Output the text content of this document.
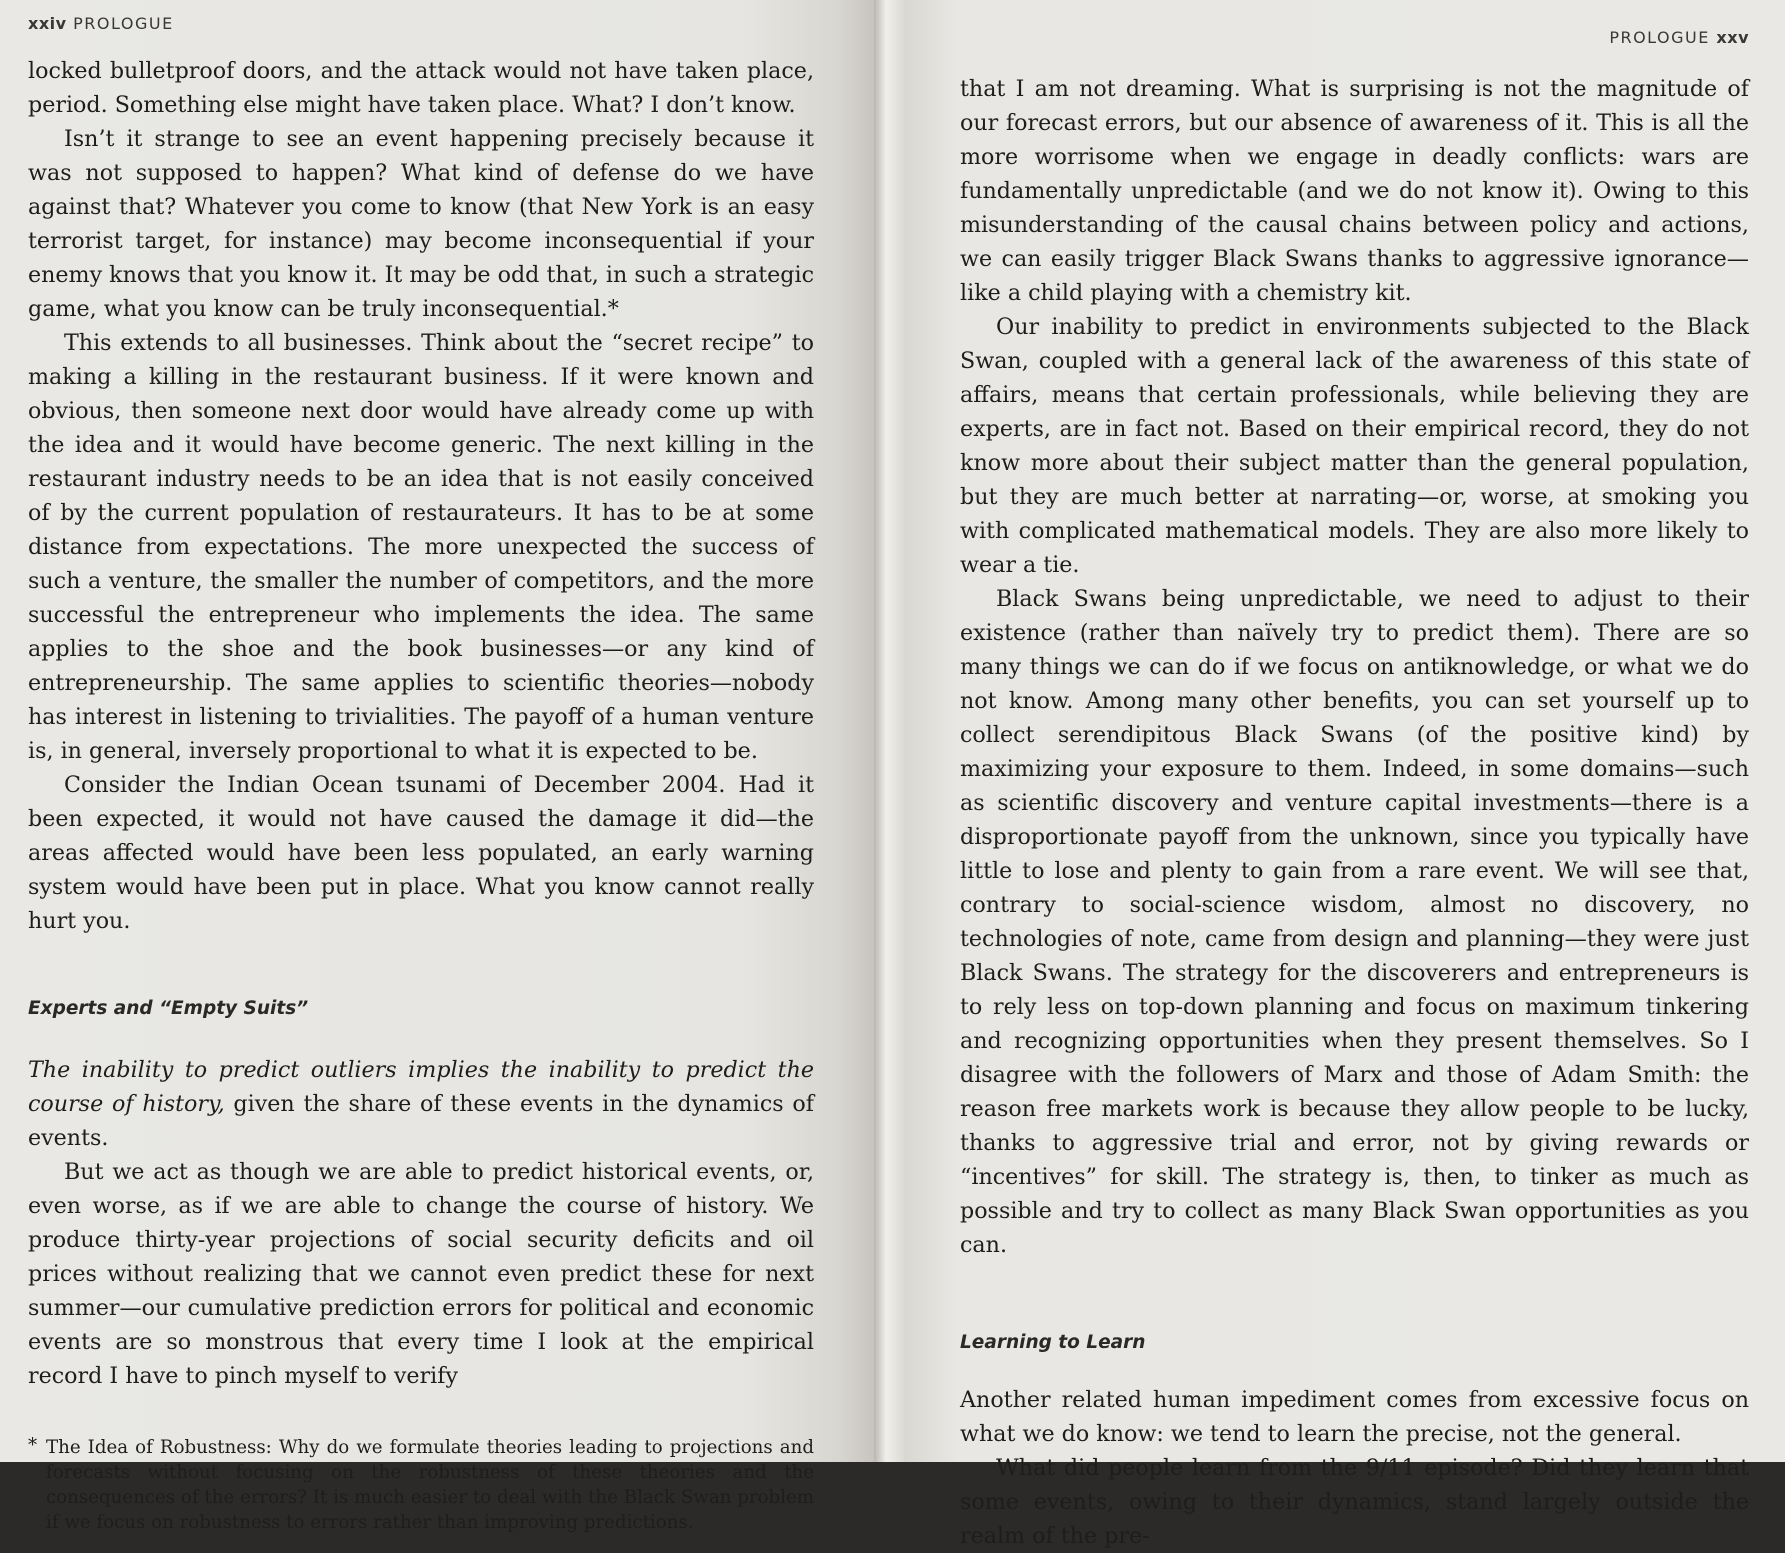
xxiv PROLOGUE

locked bulletproof doors, and the attack would not have taken place, period. Something else might have taken place. What? I don’t know.

Isn’t it strange to see an event happening precisely because it was not supposed to happen? What kind of defense do we have against that? Whatever you come to know (that New York is an easy terrorist target, for instance) may become inconsequential if your enemy knows that you know it. It may be odd that, in such a strategic game, what you know can be truly inconsequential.*

This extends to all businesses. Think about the “secret recipe” to making a killing in the restaurant business. If it were known and obvious, then someone next door would have already come up with the idea and it would have become generic. The next killing in the restaurant industry needs to be an idea that is not easily conceived of by the current population of restaurateurs. It has to be at some distance from expectations. The more unexpected the success of such a venture, the smaller the number of competitors, and the more successful the entrepreneur who implements the idea. The same applies to the shoe and the book businesses—or any kind of entrepreneurship. The same applies to scientific theories—nobody has interest in listening to trivialities. The payoff of a human venture is, in general, inversely proportional to what it is expected to be.

Consider the Indian Ocean tsunami of December 2004. Had it been expected, it would not have caused the damage it did—the areas affected would have been less populated, an early warning system would have been put in place. What you know cannot really hurt you.

Experts and “Empty Suits”

The inability to predict outliers implies the inability to predict the course of history, given the share of these events in the dynamics of events.

But we act as though we are able to predict historical events, or, even worse, as if we are able to change the course of history. We produce thirty-year projections of social security deficits and oil prices without realizing that we cannot even predict these for next summer—our cumulative prediction errors for political and economic events are so monstrous that every time I look at the empirical record I have to pinch myself to verify

* The Idea of Robustness: Why do we formulate theories leading to projections and forecasts without focusing on the robustness of these theories and the consequences of the errors? It is much easier to deal with the Black Swan problem if we focus on robustness to errors rather than improving predictions.
PROLOGUE xxv

that I am not dreaming. What is surprising is not the magnitude of our forecast errors, but our absence of awareness of it. This is all the more worrisome when we engage in deadly conflicts: wars are fundamentally unpredictable (and we do not know it). Owing to this misunderstanding of the causal chains between policy and actions, we can easily trigger Black Swans thanks to aggressive ignorance—like a child playing with a chemistry kit.

Our inability to predict in environments subjected to the Black Swan, coupled with a general lack of the awareness of this state of affairs, means that certain professionals, while believing they are experts, are in fact not. Based on their empirical record, they do not know more about their subject matter than the general population, but they are much better at narrating—or, worse, at smoking you with complicated mathematical models. They are also more likely to wear a tie.

Black Swans being unpredictable, we need to adjust to their existence (rather than naïvely try to predict them). There are so many things we can do if we focus on antiknowledge, or what we do not know. Among many other benefits, you can set yourself up to collect serendipitous Black Swans (of the positive kind) by maximizing your exposure to them. Indeed, in some domains—such as scientific discovery and venture capital investments—there is a disproportionate payoff from the unknown, since you typically have little to lose and plenty to gain from a rare event. We will see that, contrary to social-science wisdom, almost no discovery, no technologies of note, came from design and planning—they were just Black Swans. The strategy for the discoverers and entrepreneurs is to rely less on top-down planning and focus on maximum tinkering and recognizing opportunities when they present themselves. So I disagree with the followers of Marx and those of Adam Smith: the reason free markets work is because they allow people to be lucky, thanks to aggressive trial and error, not by giving rewards or “incentives” for skill. The strategy is, then, to tinker as much as possible and try to collect as many Black Swan opportunities as you can.

Learning to Learn

Another related human impediment comes from excessive focus on what we do know: we tend to learn the precise, not the general.

What did people learn from the 9/11 episode? Did they learn that some events, owing to their dynamics, stand largely outside the realm of the pre-
